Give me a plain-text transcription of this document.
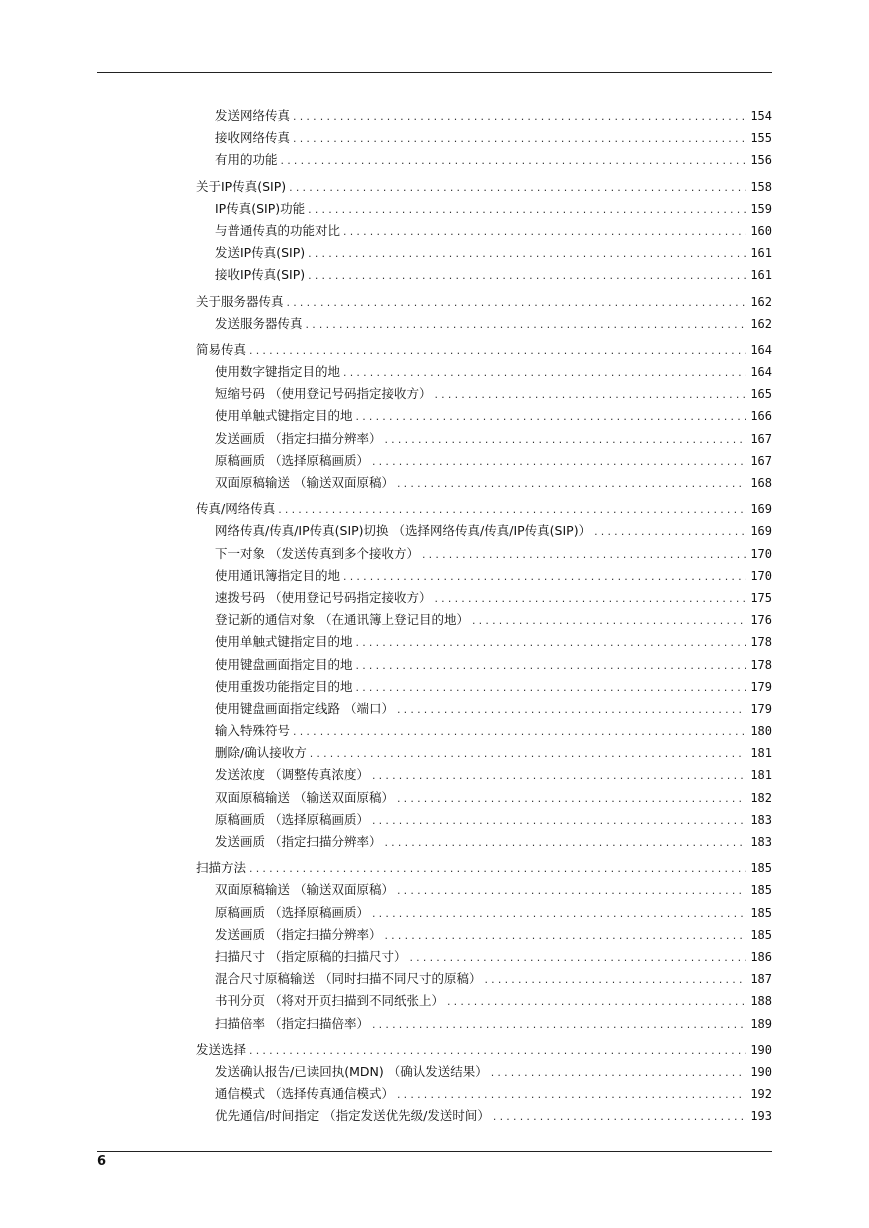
发送网络传真 .....	154
接收网络传真 .....	155
有用的功能 .....	156
关于IP传真(SIP) .....	158
IP传真(SIP)功能 .....	159
与普通传真的功能对比 .....	160
发送IP传真(SIP) .....	161
接收IP传真(SIP) .....	161
关于服务器传真 .....	162
发送服务器传真 .....	162
简易传真 .....	164
使用数字键指定目的地 .....	164
短缩号码 （使用登记号码指定接收方） .....	165
使用单触式键指定目的地 .....	166
发送画质 （指定扫描分辨率） .....	167
原稿画质 （选择原稿画质） .....	167
双面原稿输送 （输送双面原稿） .....	168
传真/网络传真 .....	169
网络传真/传真/IP传真(SIP)切换 （选择网络传真/传真/IP传真(SIP)） .....	169
下一对象 （发送传真到多个接收方） .....	170
使用通讯簿指定目的地 .....	170
速拨号码 （使用登记号码指定接收方） .....	175
登记新的通信对象 （在通讯簿上登记目的地） .....	176
使用单触式键指定目的地 .....	178
使用键盘画面指定目的地 .....	178
使用重拨功能指定目的地 .....	179
使用键盘画面指定线路 （端口） .....	179
输入特殊符号 .....	180
删除/确认接收方 .....	181
发送浓度 （调整传真浓度） .....	181
双面原稿输送 （输送双面原稿） .....	182
原稿画质 （选择原稿画质） .....	183
发送画质 （指定扫描分辨率） .....	183
扫描方法 .....	185
双面原稿输送 （输送双面原稿） .....	185
原稿画质 （选择原稿画质） .....	185
发送画质 （指定扫描分辨率） .....	185
扫描尺寸 （指定原稿的扫描尺寸） .....	186
混合尺寸原稿输送 （同时扫描不同尺寸的原稿） .....	187
书刊分页 （将对开页扫描到不同纸张上） .....	188
扫描倍率 （指定扫描倍率） .....	189
发送选择 .....	190
发送确认报告/已读回执(MDN) （确认发送结果） .....	190
通信模式 （选择传真通信模式） .....	192
优先通信/时间指定 （指定发送优先级/发送时间） .....	193
6
